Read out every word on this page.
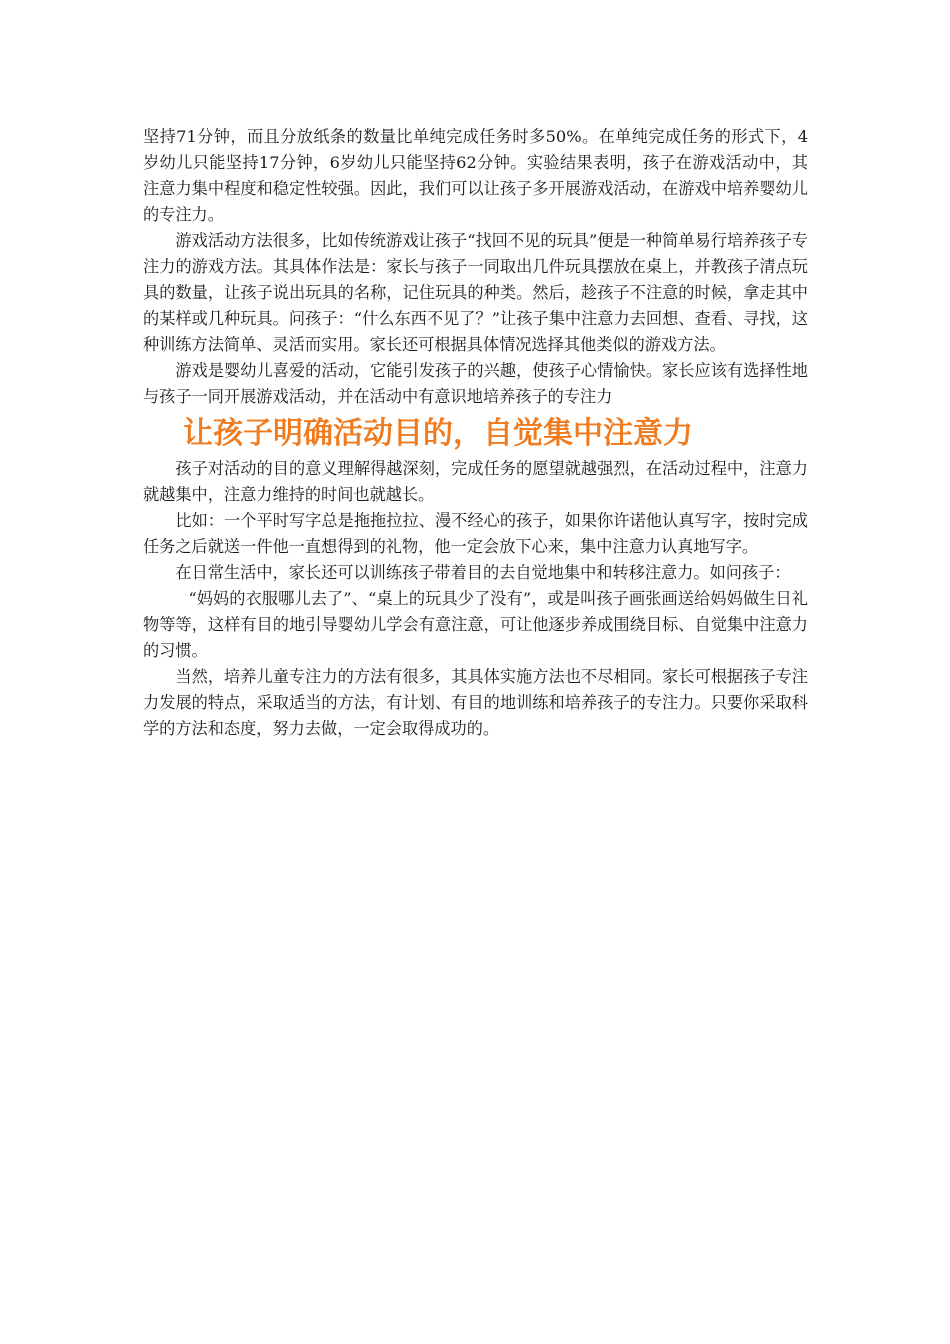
坚持71分钟，而且分放纸条的数量比单纯完成任务时多50%。在单纯完成任务的形式下，4岁幼儿只能坚持17分钟，6岁幼儿只能坚持62分钟。实验结果表明，孩子在游戏活动中，其注意力集中程度和稳定性较强。因此，我们可以让孩子多开展游戏活动，在游戏中培养婴幼儿的专注力。

游戏活动方法很多，比如传统游戏让孩子“找回不见的玩具”便是一种简单易行培养孩子专注力的游戏方法。其具体作法是：家长与孩子一同取出几件玩具摆放在桌上，并教孩子清点玩具的数量，让孩子说出玩具的名称，记住玩具的种类。然后，趁孩子不注意的时候，拿走其中的某样或几种玩具。问孩子：“什么东西不见了？”让孩子集中注意力去回想、查看、寻找，这种训练方法简单、灵活而实用。家长还可根据具体情况选择其他类似的游戏方法。

游戏是婴幼儿喜爱的活动，它能引发孩子的兴趣，使孩子心情愉快。家长应该有选择性地与孩子一同开展游戏活动，并在活动中有意识地培养孩子的专注力

让孩子明确活动目的，自觉集中注意力

孩子对活动的目的意义理解得越深刻，完成任务的愿望就越强烈，在活动过程中，注意力就越集中，注意力维持的时间也就越长。

比如：一个平时写字总是拖拖拉拉、漫不经心的孩子，如果你许诺他认真写字，按时完成任务之后就送一件他一直想得到的礼物，他一定会放下心来，集中注意力认真地写字。

在日常生活中，家长还可以训练孩子带着目的去自觉地集中和转移注意力。如问孩子：

“妈妈的衣服哪儿去了”、“桌上的玩具少了没有”，或是叫孩子画张画送给妈妈做生日礼物等等，这样有目的地引导婴幼儿学会有意注意，可让他逐步养成围绕目标、自觉集中注意力的习惯。

当然，培养儿童专注力的方法有很多，其具体实施方法也不尽相同。家长可根据孩子专注力发展的特点，采取适当的方法，有计划、有目的地训练和培养孩子的专注力。只要你采取科学的方法和态度，努力去做，一定会取得成功的。
